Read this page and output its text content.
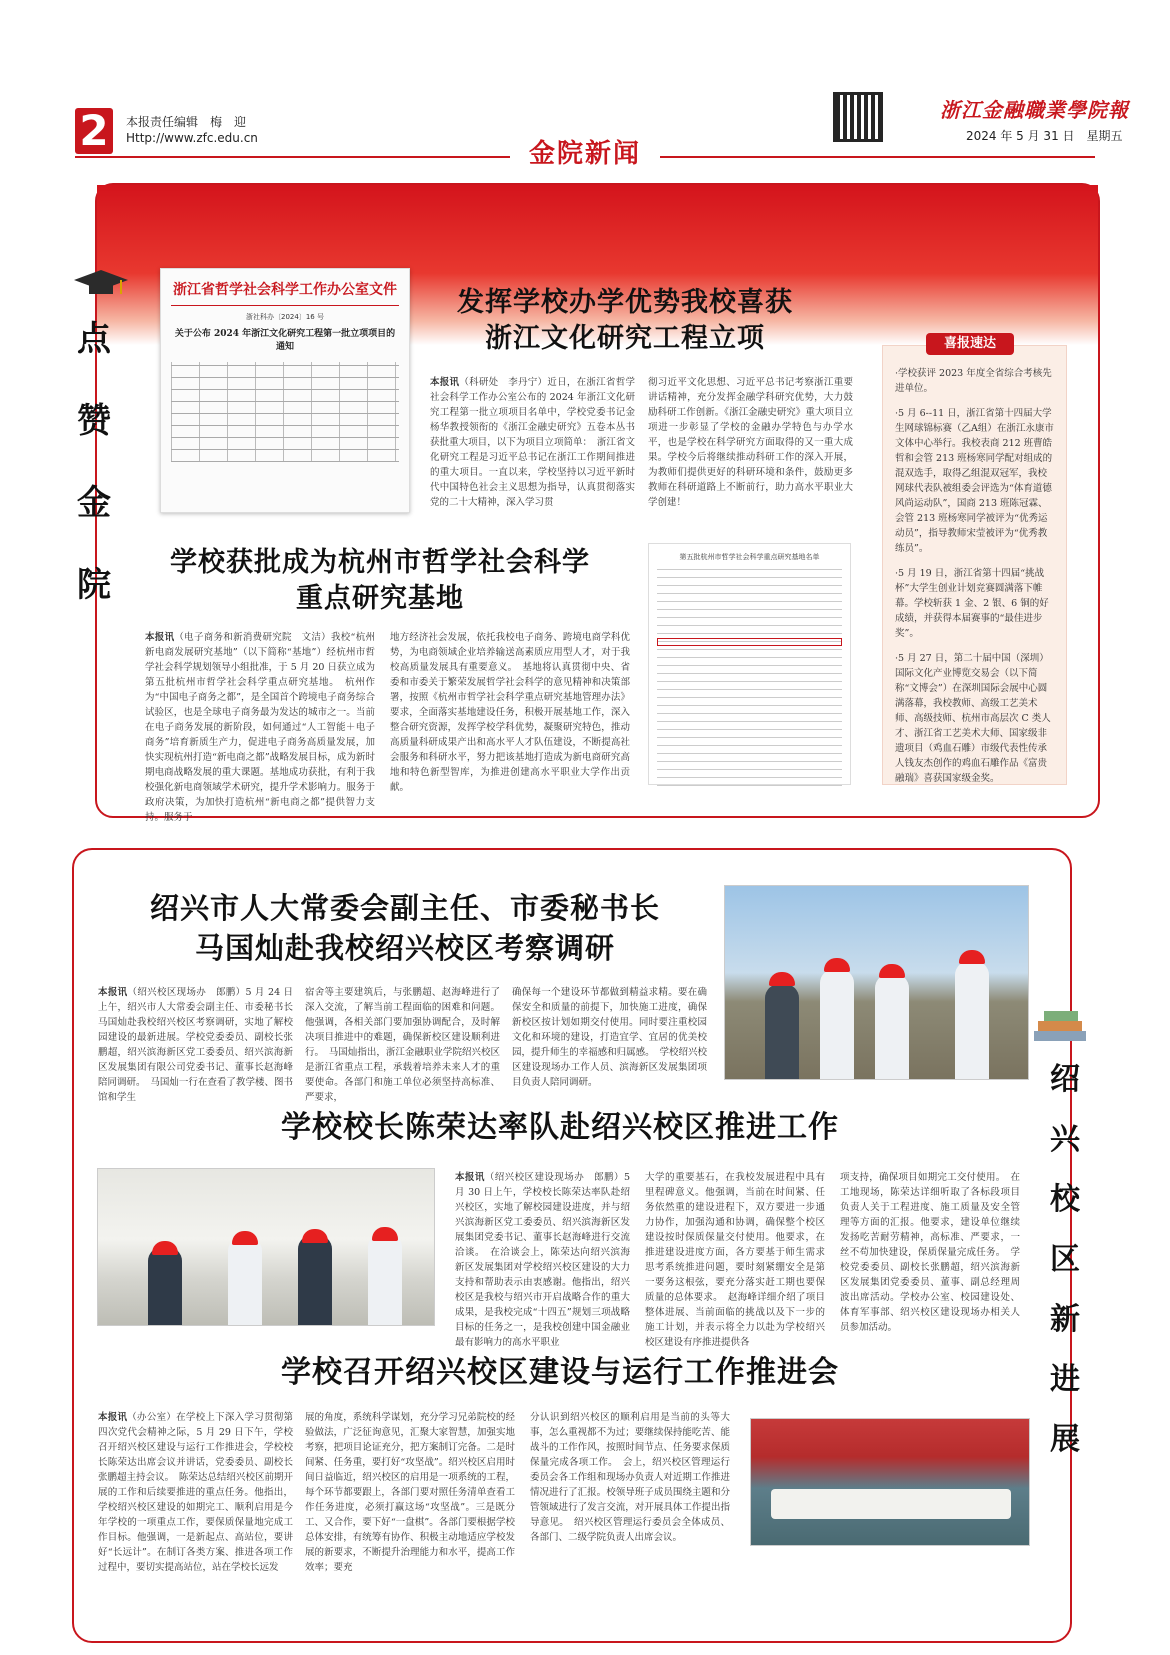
2	本报责任编辑　梅　迎
Http://www.zfc.edu.cn
浙江金融職業學院報
2024 年 5 月 31 日　星期五
金院新闻
点
赞
金
院
浙江省哲学社会科学工作办公室文件
浙社科办〔2024〕16 号
关于公布 2024 年浙江文化研究工程第一批立项项目的通知
发挥学校办学优势我校喜获
浙江文化研究工程立项
本报讯（科研处　李丹宁）近日，在浙江省哲学社会科学工作办公室公布的 2024 年浙江文化研究工程第一批立项项目名单中，学校党委书记金杨华教授领衔的《浙江金融史研究》五卷本丛书获批重大项目，以下为项目立项简单：　浙江省文化研究工程是习近平总书记在浙江工作期间推进的重大项目。一直以来，学校坚持以习近平新时代中国特色社会主义思想为指导，认真贯彻落实党的二十大精神，深入学习贯
彻习近平文化思想、习近平总书记考察浙江重要讲话精神，充分发挥金融学科研究优势，大力鼓励科研工作创新。《浙江金融史研究》重大项目立项进一步彰显了学校的金融办学特色与办学水平，也是学校在科学研究方面取得的又一重大成果。学校今后将继续推动科研工作的深入开展，为教师们提供更好的科研环境和条件，鼓励更多教师在科研道路上不断前行，助力高水平职业大学创建！
学校获批成为杭州市哲学社会科学
重点研究基地
本报讯（电子商务和新消费研究院　文洁）我校“杭州新电商发展研究基地”（以下简称“基地”）经杭州市哲学社会科学规划领导小组批准，于 5 月 20 日获立成为第五批杭州市哲学社会科学重点研究基地。　杭州作为“中国电子商务之都”，是全国首个跨境电子商务综合试验区，也是全球电子商务最为发达的城市之一。当前在电子商务发展的新阶段，如何通过“人工智能＋电子商务”培育新质生产力，促进电子商务高质量发展，加快实现杭州打造“新电商之都”战略发展目标，成为新时期电商战略发展的重大课题。基地成功获批，有利于我校强化新电商领域学术研究，提升学术影响力。服务于政府决策，为加快打造杭州“新电商之都”提供智力支持。服务于
地方经济社会发展，依托我校电子商务、跨境电商学科优势，为电商领域企业培养输送高素质应用型人才，对于我校高质量发展具有重要意义。　基地将认真贯彻中央、省委和市委关于繁荣发展哲学社会科学的意见精神和决策部署，按照《杭州市哲学社会科学重点研究基地管理办法》要求，全面落实基地建设任务，积极开展基地工作，深入整合研究资源，发挥学校学科优势，凝聚研究特色，推动高质量科研成果产出和高水平人才队伍建设，不断提高社会服务和科研水平，努力把该基地打造成为新电商研究高地和特色新型智库，为推进创建高水平职业大学作出贡献。
第五批杭州市哲学社会科学重点研究基地名单
·学校获评 2023 年度全省综合考核先进单位。
·5 月 6--11 日，浙江省第十四届大学生网球锦标赛（乙A组）在浙江永康市文体中心举行。我校表商 212 班曹皓哲和会管 213 班杨寒同学配对组成的混双选手，取得乙组混双冠军，我校网球代表队被组委会评选为“体育道德风尚运动队”，国商 213 班陈冠霖、会管 213 班杨寒同学被评为“优秀运动员”，指导教师宋莹被评为“优秀教练员”。
·5 月 19 日，浙江省第十四届“挑战杯”大学生创业计划竞赛圆满落下帷幕。学校斩获 1 金、2 银、6 铜的好成绩，并获得本届赛事的“最佳进步奖”。
·5 月 27 日，第二十届中国（深圳）国际文化产业博览交易会（以下简称“文博会”）在深圳国际会展中心圆满落幕，我校教师、高级工艺美术师、高级技师、杭州市高层次 C 类人才、浙江省工艺美术大师、国家级非遗项目（鸡血石雕）市级代表性传承人钱友杰创作的鸡血石雕作品《富贵融瑞》喜获国家级金奖。
喜报速达
绍兴市人大常委会副主任、市委秘书长
马国灿赴我校绍兴校区考察调研
本报讯（绍兴校区现场办　郎鹏）5 月 24 日上午，绍兴市人大常委会副主任、市委秘书长马国灿赴我校绍兴校区考察调研，实地了解校园建设的最新进展。学校党委委员、副校长张鹏超，绍兴滨海新区党工委委员、绍兴滨海新区发展集团有限公司党委书记、董事长赵海峰陪同调研。　马国灿一行在查看了教学楼、图书馆和学生
宿舍等主要建筑后，与张鹏超、赵海峰进行了深入交流，了解当前工程面临的困难和问题。他强调，各相关部门要加强协调配合，及时解决项目推进中的难题，确保新校区建设顺利进行。　马国灿指出，浙江金融职业学院绍兴校区是浙江省重点工程，承载着培养未来人才的重要使命。各部门和施工单位必须坚持高标准、严要求，
确保每一个建设环节都做到精益求精。要在确保安全和质量的前提下，加快施工进度，确保新校区按计划如期交付使用。同时要注重校园文化和环境的建设，打造宜学、宜居的优美校园，提升师生的幸福感和归属感。　学校绍兴校区建设现场办工作人员、滨海新区发展集团项目负责人陪同调研。	绍
兴
校
区
新
进
展
学校校长陈荣达率队赴绍兴校区推进工作
本报讯（绍兴校区建设现场办　郎鹏）5 月 30 日上午，学校校长陈荣达率队赴绍兴校区，实地了解校园建设进度，并与绍兴滨海新区党工委委员、绍兴滨海新区发展集团党委书记、董事长赵海峰进行交流洽谈。　在洽谈会上，陈荣达向绍兴滨海新区发展集团对学校绍兴校区建设的大力支持和帮助表示由衷感谢。他指出，绍兴校区是我校与绍兴市开启战略合作的重大成果，是我校完成“十四五”规划三项战略目标的任务之一，是我校创建中国金融业最有影响力的高水平职业
大学的重要基石，在我校发展进程中具有里程碑意义。他强调，当前在时间紧、任务依然重的建设进程下，双方要进一步通力协作，加强沟通和协调，确保整个校区建设按时保质保量交付使用。他要求，在推进建设进度方面，各方要基于师生需求思考系统推进问题，要时刻紧绷安全是第一要务这根弦，要充分落实赶工期也要保质量的总体要求。　赵海峰详细介绍了项目整体进展、当前面临的挑战以及下一步的施工计划，并表示将全力以赴为学校绍兴校区建设有序推进提供各
项支持，确保项目如期完工交付使用。　在工地现场，陈荣达详细听取了各标段项目负责人关于工程进度、施工质量及安全管理等方面的汇报。他要求，建设单位继续发扬吃苦耐劳精神，高标准、严要求，一丝不苟加快建设，保质保量完成任务。　学校党委委员、副校长张鹏超，绍兴滨海新区发展集团党委委员、董事、副总经理周波出席活动。学校办公室、校园建设处、体育军事部、绍兴校区建设现场办相关人员参加活动。
学校召开绍兴校区建设与运行工作推进会
本报讯（办公室）在学校上下深入学习贯彻第四次党代会精神之际，5 月 29 日下午，学校召开绍兴校区建设与运行工作推进会，学校校长陈荣达出席会议并讲话，党委委员、副校长张鹏超主持会议。　陈荣达总结绍兴校区前期开展的工作和后续要推进的重点任务。他指出，学校绍兴校区建设的如期完工、顺利启用是今年学校的一项重点工作，要保质保量地完成工作目标。他强调，一是新起点、高站位，要讲好“长远计”。在制订各类方案、推进各项工作过程中，要切实提高站位，站在学校长远发
展的角度，系统科学谋划，充分学习兄弟院校的经验做法，广泛征询意见，汇聚大家智慧，加强实地考察，把项目论证充分，把方案制订完备。二是时间紧、任务重，要打好“攻坚战”。绍兴校区启用时间日益临近，绍兴校区的启用是一项系统的工程，每个环节都要跟上，各部门要对照任务清单查看工作任务进度，必须打赢这场“攻坚战”。三是既分工、又合作，要下好“一盘棋”。各部门要根据学校总体安排，有统筹有协作、积极主动地适应学校发展的新要求，不断提升治理能力和水平，提高工作效率；要充
分认识到绍兴校区的顺利启用是当前的头等大事，怎么重视都不为过；要继续保持能吃苦、能战斗的工作作风，按照时间节点、任务要求保质保量完成各项工作。　会上，绍兴校区管理运行委员会各工作组和现场办负责人对近期工作推进情况进行了汇报。校领导班子成员围绕主题和分管领域进行了发言交流，对开展具体工作提出指导意见。　绍兴校区管理运行委员会全体成员、各部门、二级学院负责人出席会议。
